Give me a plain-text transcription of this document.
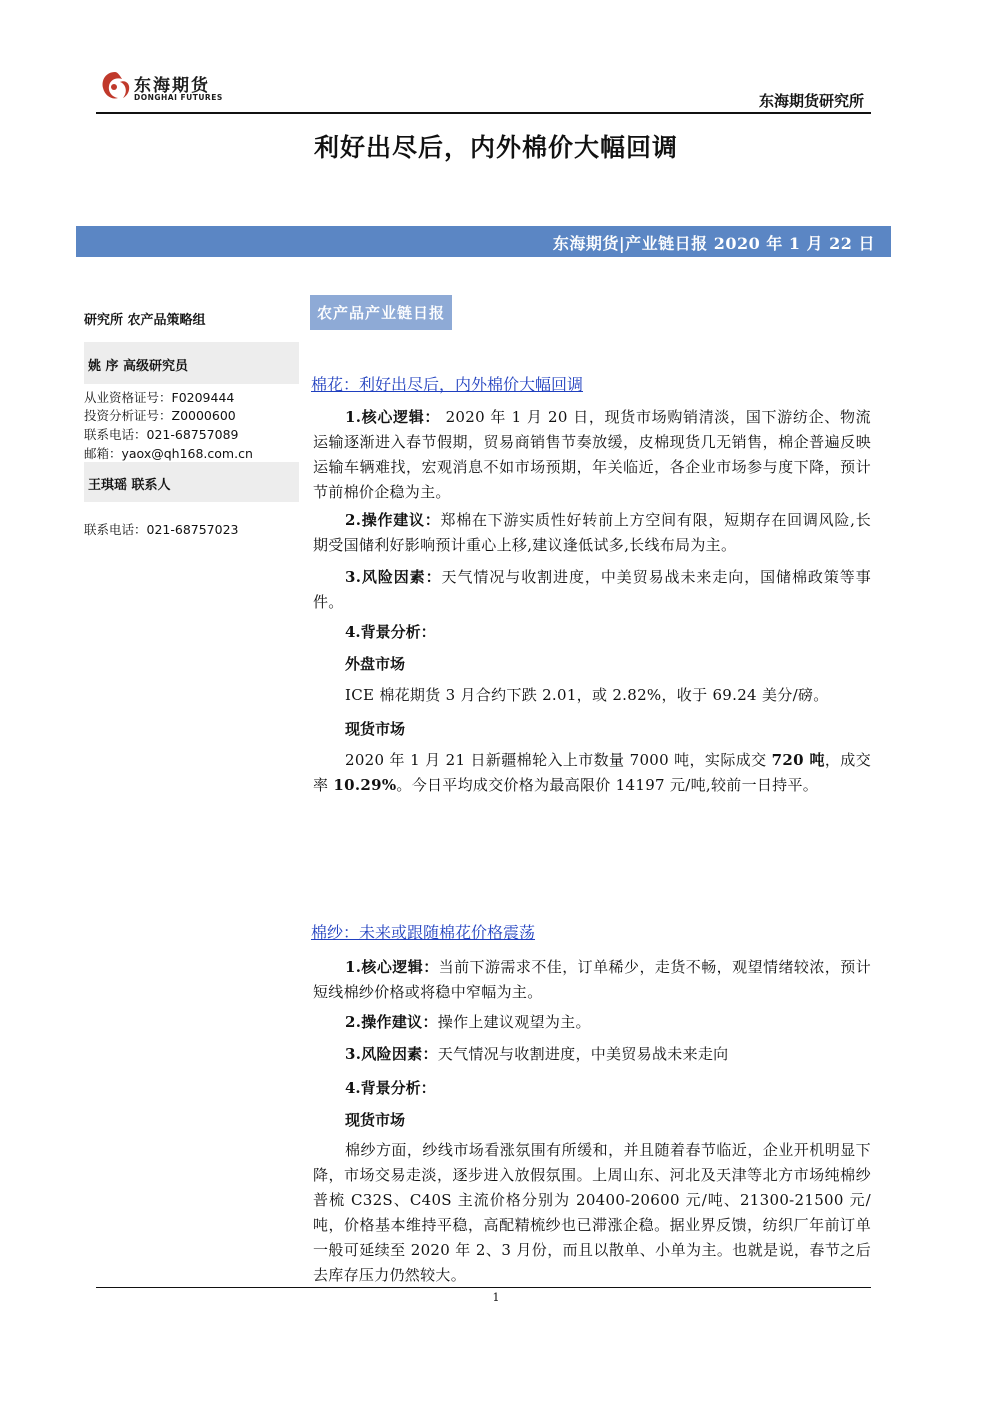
东海期货
DONGHAI FUTURES	东海期货研究所
利好出尽后，内外棉价大幅回调
东海期货|产业链日报 2020 年 1 月 22 日
研究所 农产品策略组
姚 序 高级研究员
从业资格证号：F0209444
投资分析证号：Z0000600
联系电话：021-68757089
邮箱：yaox@qh168.com.cn
王琪瑶 联系人
联系电话：021-68757023
农产品产业链日报
棉花：利好出尽后，内外棉价大幅回调
1.核心逻辑： 2020 年 1 月 20 日，现货市场购销清淡，国下游纺企、物流运输逐渐进入春节假期，贸易商销售节奏放缓，皮棉现货几无销售，棉企普遍反映运输车辆难找，宏观消息不如市场预期，年关临近，各企业市场参与度下降，预计节前棉价企稳为主。
2.操作建议：郑棉在下游实质性好转前上方空间有限，短期存在回调风险,长期受国储利好影响预计重心上移,建议逢低试多,长线布局为主。
3.风险因素：天气情况与收割进度，中美贸易战未来走向，国储棉政策等事件。
4.背景分析：
外盘市场
ICE 棉花期货 3 月合约下跌 2.01，或 2.82%，收于 69.24 美分/磅。
现货市场
2020 年 1 月 21 日新疆棉轮入上市数量 7000 吨，实际成交 720 吨，成交率 10.29%。今日平均成交价格为最高限价 14197 元/吨,较前一日持平。
棉纱：未来或跟随棉花价格震荡
1.核心逻辑：当前下游需求不佳，订单稀少，走货不畅，观望情绪较浓，预计短线棉纱价格或将稳中窄幅为主。
2.操作建议：操作上建议观望为主。
3.风险因素：天气情况与收割进度，中美贸易战未来走向
4.背景分析：
现货市场
棉纱方面，纱线市场看涨氛围有所缓和，并且随着春节临近，企业开机明显下降，市场交易走淡，逐步进入放假氛围。上周山东、河北及天津等北方市场纯棉纱普梳 C32S、C40S 主流价格分别为 20400-20600 元/吨、21300-21500 元/吨，价格基本维持平稳，高配精梳纱也已滞涨企稳。据业界反馈，纺织厂年前订单一般可延续至 2020 年 2、3 月份，而且以散单、小单为主。也就是说，春节之后去库存压力仍然较大。
1
